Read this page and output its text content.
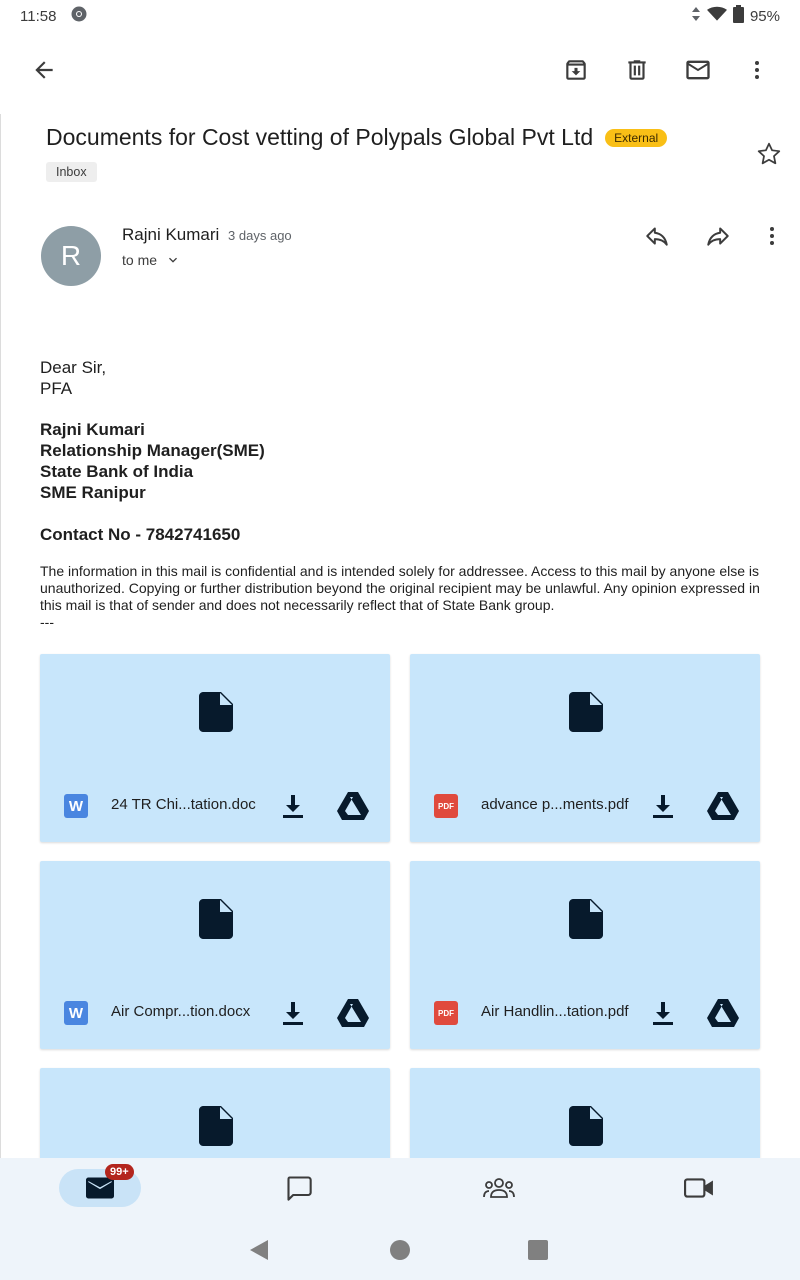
11:58	95%
Documents for Cost vetting of Polypals Global Pvt Ltd	External
Inbox
R
Rajni Kumari 3 days ago
to me
Dear Sir,
PFA
Rajni Kumari
Relationship Manager(SME)
State Bank of India
SME Ranipur
Contact No - 7842741650
The information in this mail is confidential and is intended solely for addressee. Access to this mail by anyone else is unauthorized. Copying or further distribution beyond the original recipient may be unlawful. Any opinion expressed in this mail is that of sender and does not necessarily reflect that of State Bank group.
---
W	24 TR Chi...tation.doc	PDF advance p...ments.pdf
W	Air Compr...tion.docx	PDF Air Handlin...tation.pdf
99+
